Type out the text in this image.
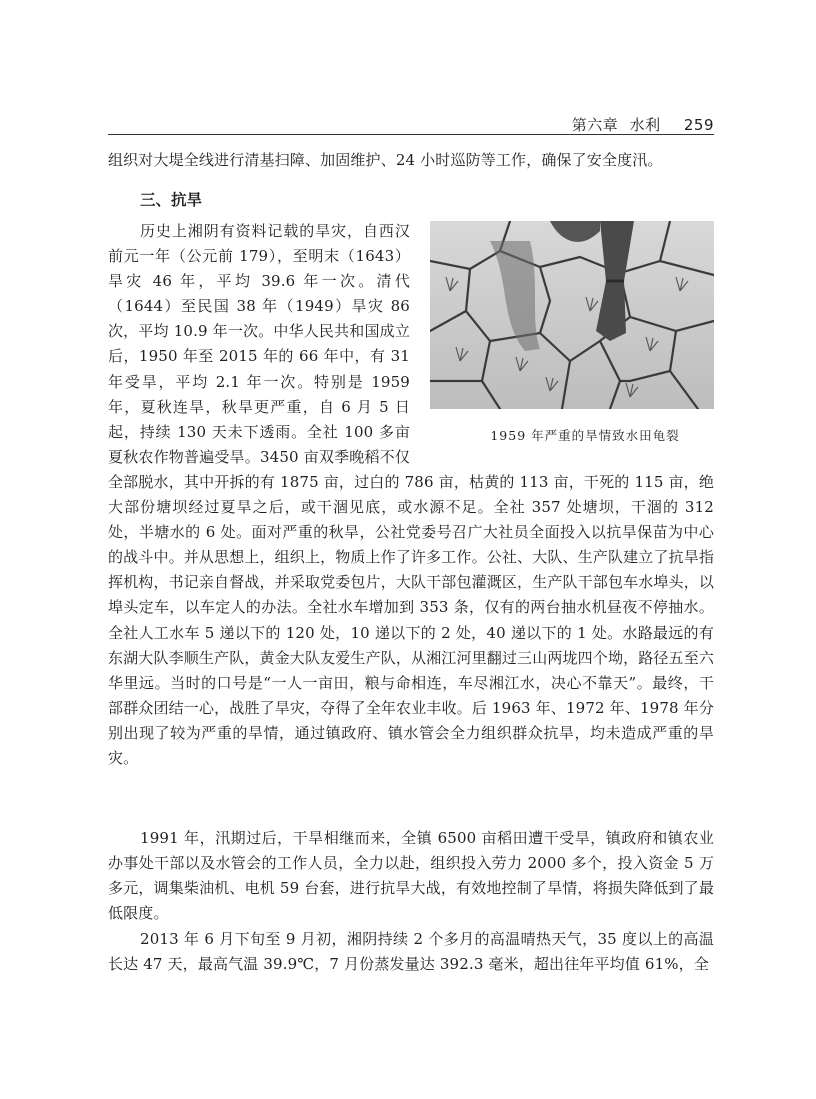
第六章 水利 259

组织对大堤全线进行清基扫障、加固维护、24 小时巡防等工作，确保了安全度汛。

三、抗旱
1959 年严重的旱情致水田龟裂
历史上湘阴有资料记载的旱灾，自西汉前元一年（公元前 179），至明末（1643）旱灾 46 年，平均 39.6 年一次。清代（1644）至民国 38 年（1949）旱灾 86 次，平均 10.9 年一次。中华人民共和国成立后，1950 年至 2015 年的 66 年中，有 31 年受旱，平均 2.1 年一次。特别是 1959 年，夏秋连旱，秋旱更严重，自 6 月 5 日起，持续 130 天未下透雨。全社 100 多亩夏秋农作物普遍受旱。3450 亩双季晚稻不仅全部脱水，其中开拆的有 1875 亩，过白的 786 亩，枯黄的 113 亩，干死的 115 亩，绝大部份塘坝经过夏旱之后，或干涸见底，或水源不足。全社 357 处塘坝，干涸的 312 处，半塘水的 6 处。面对严重的秋旱，公社党委号召广大社员全面投入以抗旱保苗为中心的战斗中。并从思想上，组织上，物质上作了许多工作。公社、大队、生产队建立了抗旱指挥机构，书记亲自督战，并采取党委包片，大队干部包灌溉区，生产队干部包车水埠头，以埠头定车，以车定人的办法。全社水车增加到 353 条，仅有的两台抽水机昼夜不停抽水。全社人工水车 5 递以下的 120 处，10 递以下的 2 处，40 递以下的 1 处。水路最远的有东湖大队李顺生产队，黄金大队友爱生产队，从湘江河里翻过三山两垅四个坳，路径五至六华里远。当时的口号是“一人一亩田，粮与命相连，车尽湘江水，决心不靠天”。最终，干部群众团结一心，战胜了旱灾，夺得了全年农业丰收。后 1963 年、1972 年、1978 年分别出现了较为严重的旱情，通过镇政府、镇水管会全力组织群众抗旱，均未造成严重的旱灾。

1991 年，汛期过后，干旱相继而来，全镇 6500 亩稻田遭干受旱，镇政府和镇农业办事处干部以及水管会的工作人员，全力以赴，组织投入劳力 2000 多个，投入资金 5 万多元，调集柴油机、电机 59 台套，进行抗旱大战，有效地控制了旱情，将损失降低到了最低限度。

2013 年 6 月下旬至 9 月初，湘阴持续 2 个多月的高温晴热天气，35 度以上的高温长达 47 天，最高气温 39.9℃，7 月份蒸发量达 392.3 毫米，超出往年平均值 61%，全
